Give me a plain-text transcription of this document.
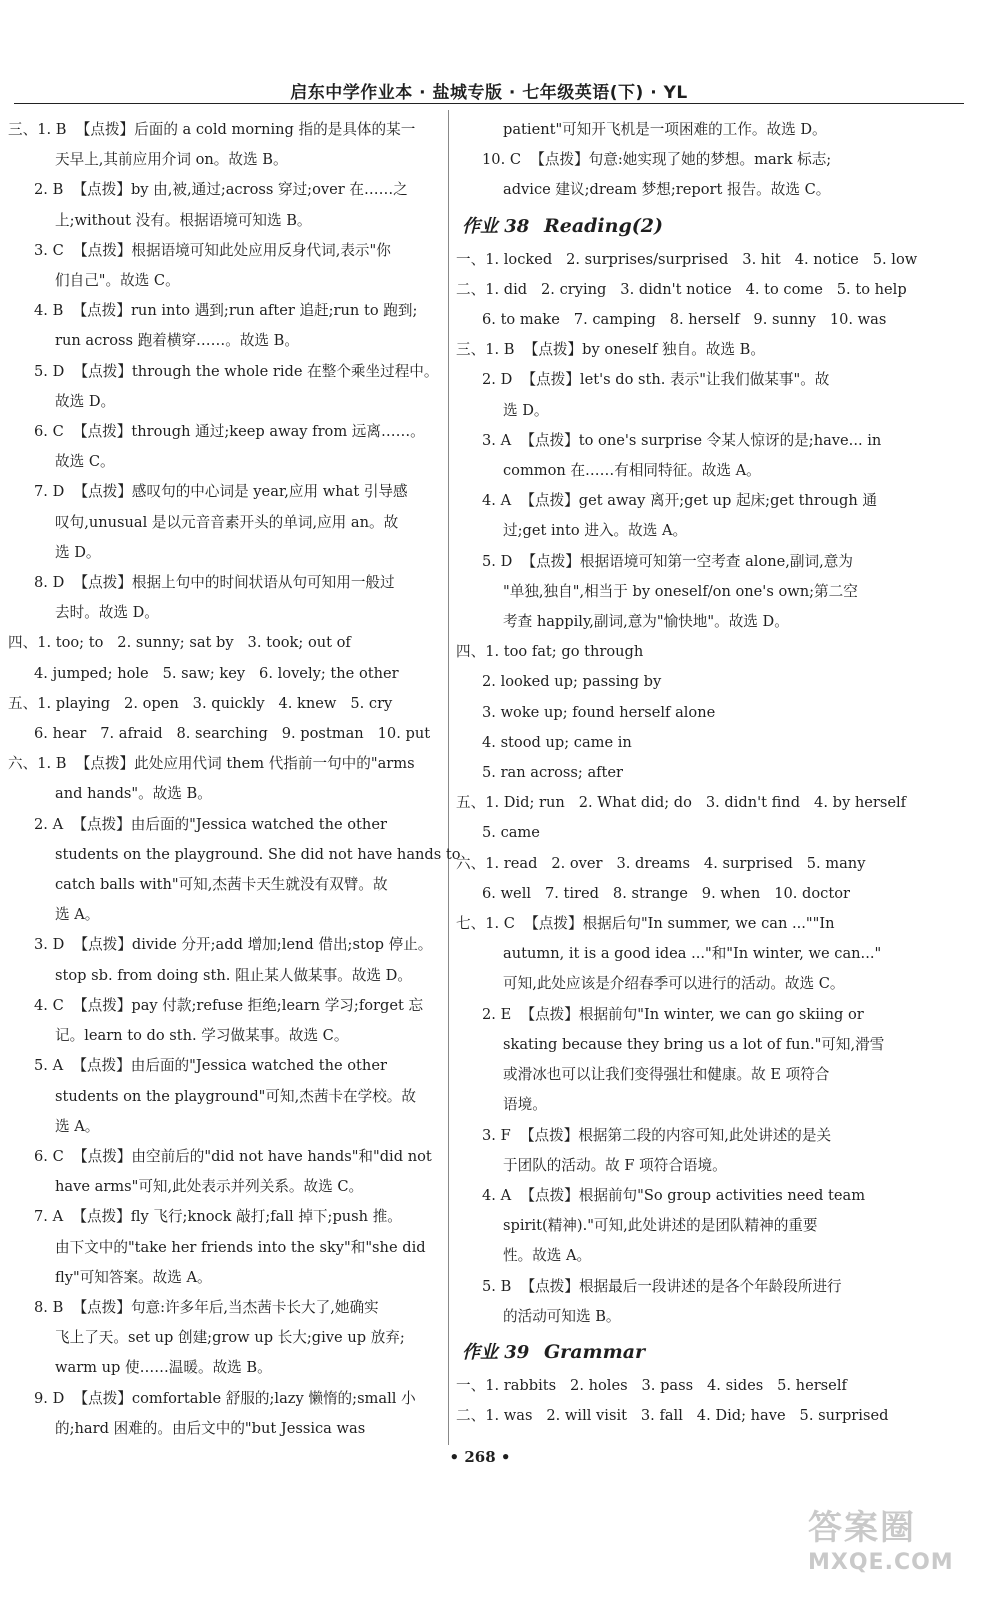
启东中学作业本 · 盐城专版 · 七年级英语(下) · YL
三、1. B  【点拨】后面的 a cold morning 指的是具体的某一
天早上,其前应用介词 on。故选 B。
2. B  【点拨】by 由,被,通过;across 穿过;over 在……之
上;without 没有。根据语境可知选 B。
3. C  【点拨】根据语境可知此处应用反身代词,表示"你
们自己"。故选 C。
4. B  【点拨】run into 遇到;run after 追赶;run to 跑到;
run across 跑着横穿……。故选 B。
5. D  【点拨】through the whole ride 在整个乘坐过程中。
故选 D。
6. C  【点拨】through 通过;keep away from 远离……。
故选 C。
7. D  【点拨】感叹句的中心词是 year,应用 what 引导感
叹句,unusual 是以元音音素开头的单词,应用 an。故
选 D。
8. D  【点拨】根据上句中的时间状语从句可知用一般过
去时。故选 D。
四、1. too; to   2. sunny; sat by   3. took; out of
4. jumped; hole   5. saw; key   6. lovely; the other
五、1. playing   2. open   3. quickly   4. knew   5. cry
6. hear   7. afraid   8. searching   9. postman   10. put
六、1. B  【点拨】此处应用代词 them 代指前一句中的"arms
and hands"。故选 B。
2. A  【点拨】由后面的"Jessica watched the other
students on the playground. She did not have hands to
catch balls with"可知,杰茜卡天生就没有双臂。故
选 A。
3. D  【点拨】divide 分开;add 增加;lend 借出;stop 停止。
stop sb. from doing sth. 阻止某人做某事。故选 D。
4. C  【点拨】pay 付款;refuse 拒绝;learn 学习;forget 忘
记。learn to do sth. 学习做某事。故选 C。
5. A  【点拨】由后面的"Jessica watched the other
students on the playground"可知,杰茜卡在学校。故
选 A。
6. C  【点拨】由空前后的"did not have hands"和"did not
have arms"可知,此处表示并列关系。故选 C。
7. A  【点拨】fly 飞行;knock 敲打;fall 掉下;push 推。
由下文中的"take her friends into the sky"和"she did
fly"可知答案。故选 A。
8. B  【点拨】句意:许多年后,当杰茜卡长大了,她确实
飞上了天。set up 创建;grow up 长大;give up 放弃;
warm up 使……温暖。故选 B。
9. D  【点拨】comfortable 舒服的;lazy 懒惰的;small 小
的;hard 困难的。由后文中的"but Jessica was
patient"可知开飞机是一项困难的工作。故选 D。
10. C  【点拨】句意:她实现了她的梦想。mark 标志;
advice 建议;dream 梦想;report 报告。故选 C。
作业 38 Reading(2)
一、1. locked   2. surprises/surprised   3. hit   4. notice   5. low
二、1. did   2. crying   3. didn't notice   4. to come   5. to help
6. to make   7. camping   8. herself   9. sunny   10. was
三、1. B  【点拨】by oneself 独自。故选 B。
2. D  【点拨】let's do sth. 表示"让我们做某事"。故
选 D。
3. A  【点拨】to one's surprise 令某人惊讶的是;have... in
common 在……有相同特征。故选 A。
4. A  【点拨】get away 离开;get up 起床;get through 通
过;get into 进入。故选 A。
5. D  【点拨】根据语境可知第一空考查 alone,副词,意为
"单独,独自",相当于 by oneself/on one's own;第二空
考查 happily,副词,意为"愉快地"。故选 D。
四、1. too fat; go through
2. looked up; passing by
3. woke up; found herself alone
4. stood up; came in
5. ran across; after
五、1. Did; run   2. What did; do   3. didn't find   4. by herself
5. came
六、1. read   2. over   3. dreams   4. surprised   5. many
6. well   7. tired   8. strange   9. when   10. doctor
七、1. C  【点拨】根据后句"In summer, we can ...""In
autumn, it is a good idea ..."和"In winter, we can..."
可知,此处应该是介绍春季可以进行的活动。故选 C。
2. E  【点拨】根据前句"In winter, we can go skiing or
skating because they bring us a lot of fun."可知,滑雪
或滑冰也可以让我们变得强壮和健康。故 E 项符合
语境。
3. F  【点拨】根据第二段的内容可知,此处讲述的是关
于团队的活动。故 F 项符合语境。
4. A  【点拨】根据前句"So group activities need team
spirit(精神)."可知,此处讲述的是团队精神的重要
性。故选 A。
5. B  【点拨】根据最后一段讲述的是各个年龄段所进行
的活动可知选 B。
作业 39 Grammar
一、1. rabbits   2. holes   3. pass   4. sides   5. herself
二、1. was   2. will visit   3. fall   4. Did; have   5. surprised
• 268 •
答案圈
MXQE.COM
